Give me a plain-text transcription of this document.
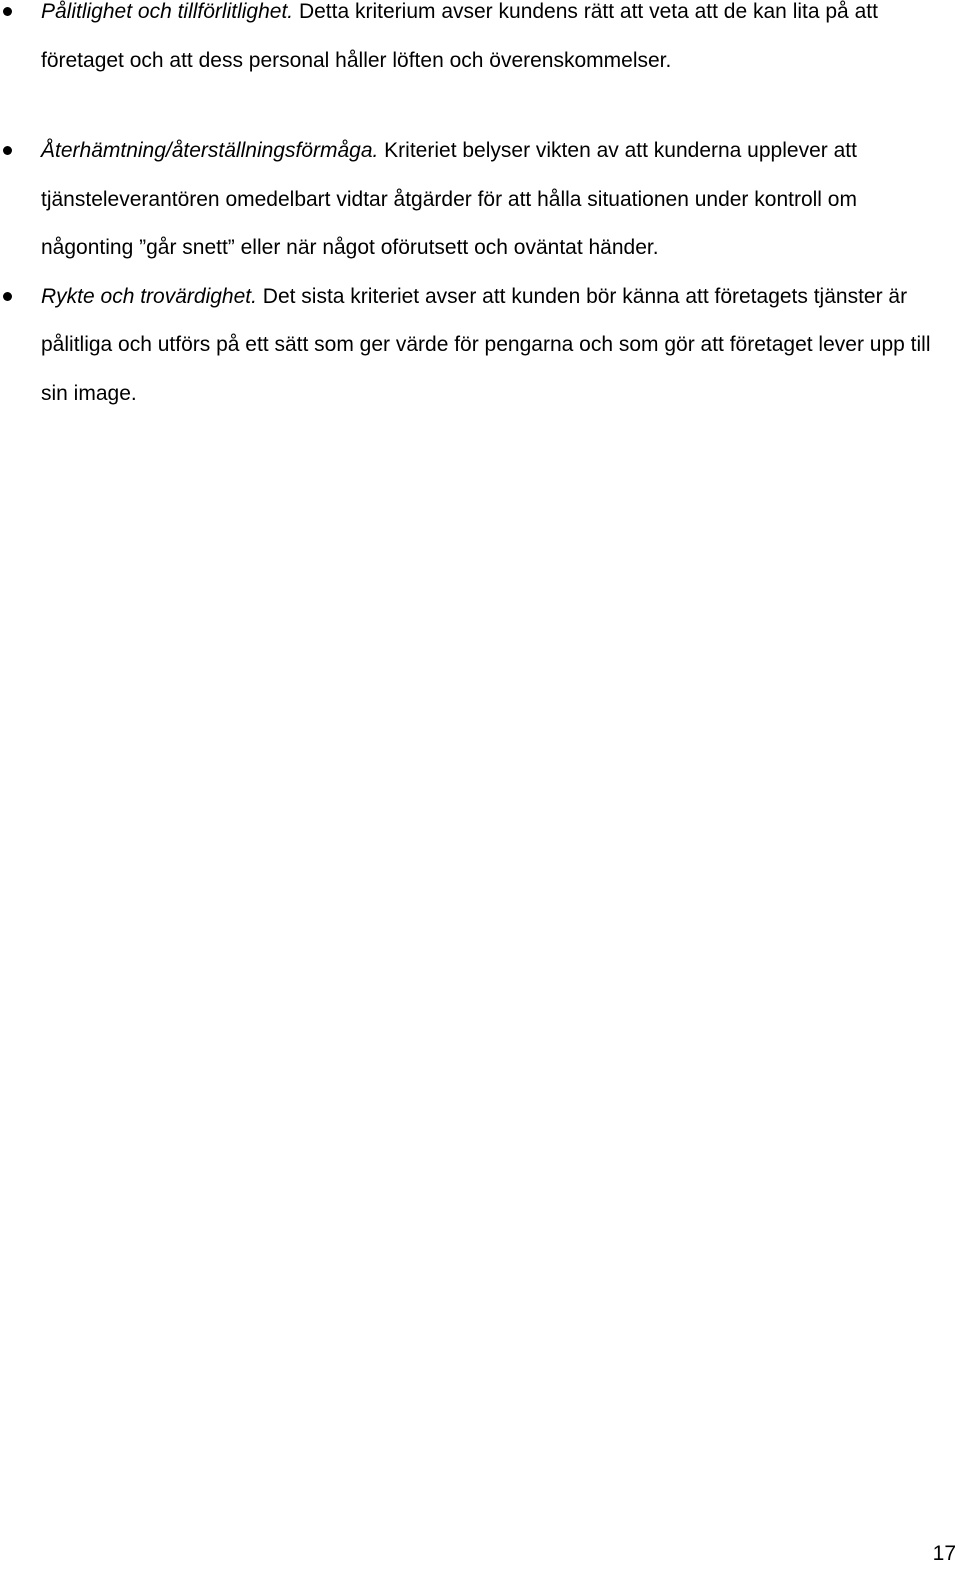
Pålitlighet och tillförlitlighet. Detta kriterium avser kundens rätt att veta att de kan lita på att företaget och att dess personal håller löften och överenskommelser.
Återhämtning/återställningsförmåga. Kriteriet belyser vikten av att kunderna upplever att tjänsteleverantören omedelbart vidtar åtgärder för att hålla situationen under kontroll om någonting ”går snett” eller när något oförutsett och oväntat händer.
Rykte och trovärdighet. Det sista kriteriet avser att kunden bör känna att företagets tjänster är pålitliga och utförs på ett sätt som ger värde för pengarna och som gör att företaget lever upp till sin image.
17
